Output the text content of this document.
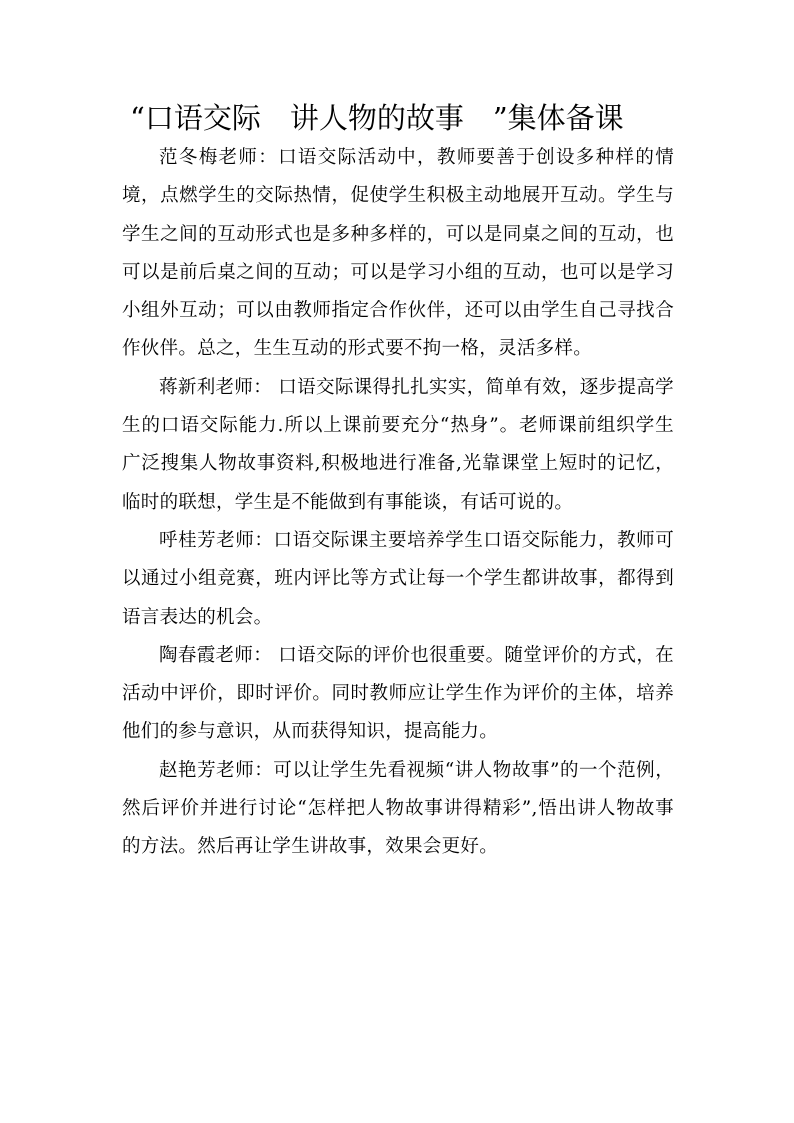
“口语交际　讲人物的故事　”集体备课

范冬梅老师：口语交际活动中，教师要善于创设多种样的情境，点燃学生的交际热情，促使学生积极主动地展开互动。学生与学生之间的互动形式也是多种多样的，可以是同桌之间的互动，也可以是前后桌之间的互动；可以是学习小组的互动，也可以是学习小组外互动；可以由教师指定合作伙伴，还可以由学生自己寻找合作伙伴。总之，生生互动的形式要不拘一格，灵活多样。

蒋新利老师： 口语交际课得扎扎实实，简单有效，逐步提高学生的口语交际能力.所以上课前要充分“热身”。老师课前组织学生广泛搜集人物故事资料,积极地进行准备,光靠课堂上短时的记忆，临时的联想，学生是不能做到有事能谈，有话可说的。

呼桂芳老师：口语交际课主要培养学生口语交际能力，教师可以通过小组竞赛，班内评比等方式让每一个学生都讲故事，都得到语言表达的机会。

陶春霞老师： 口语交际的评价也很重要。随堂评价的方式，在活动中评价，即时评价。同时教师应让学生作为评价的主体，培养他们的参与意识，从而获得知识，提高能力。

赵艳芳老师：可以让学生先看视频“讲人物故事”的一个范例，然后评价并进行讨论“怎样把人物故事讲得精彩”,悟出讲人物故事的方法。然后再让学生讲故事，效果会更好。
